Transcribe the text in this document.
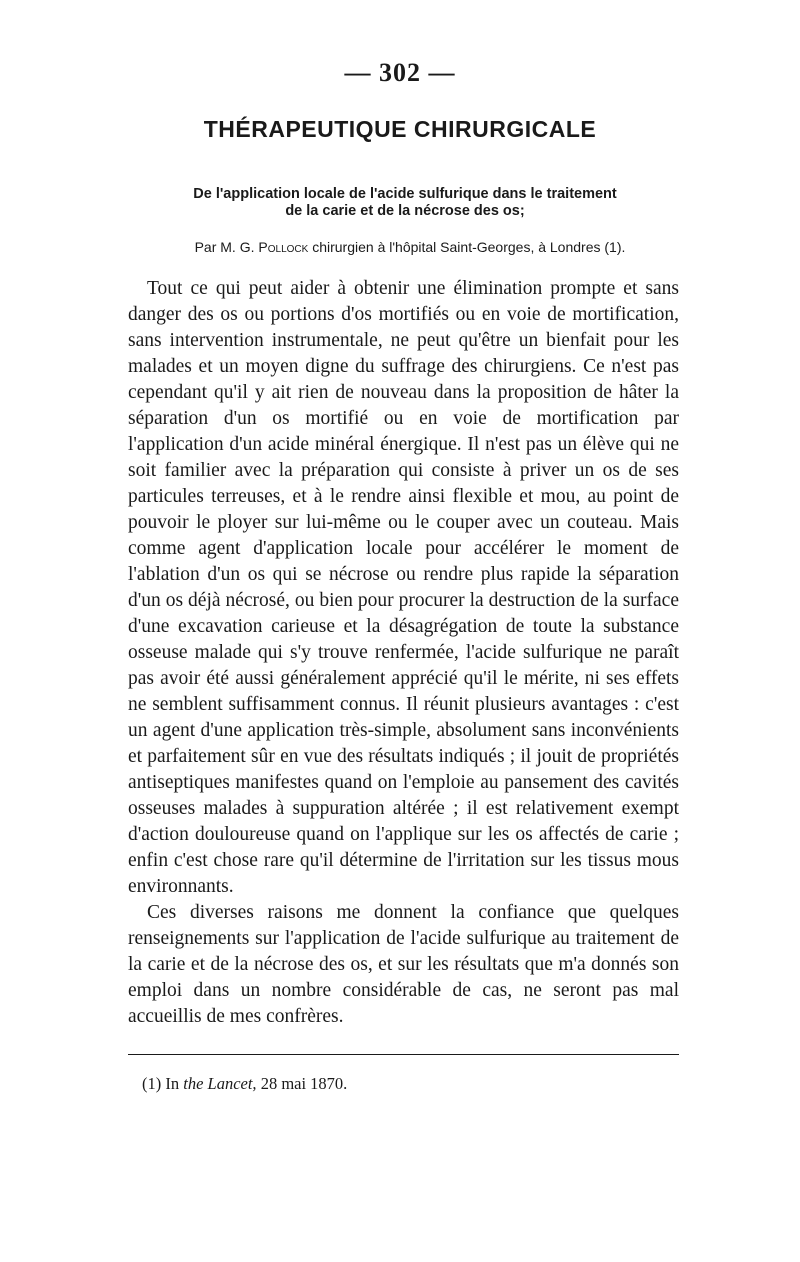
— 302 —
THÉRAPEUTIQUE CHIRURGICALE
De l'application locale de l'acide sulfurique dans le traitement
de la carie et de la nécrose des os;
Par M. G. Pollock chirurgien à l'hôpital Saint-Georges, à Londres (1).

Tout ce qui peut aider à obtenir une élimination prompte et sans danger des os ou portions d'os mortifiés ou en voie de mortification, sans intervention instrumentale, ne peut qu'être un bienfait pour les malades et un moyen digne du suffrage des chirurgiens. Ce n'est pas cependant qu'il y ait rien de nouveau dans la proposition de hâter la séparation d'un os mortifié ou en voie de mortification par l'application d'un acide minéral énergique. Il n'est pas un élève qui ne soit familier avec la préparation qui consiste à priver un os de ses particules terreuses, et à le rendre ainsi flexible et mou, au point de pouvoir le ployer sur lui-même ou le couper avec un couteau. Mais comme agent d'application locale pour accélérer le moment de l'ablation d'un os qui se nécrose ou rendre plus rapide la séparation d'un os déjà nécrosé, ou bien pour procurer la destruction de la surface d'une excavation carieuse et la désagrégation de toute la substance osseuse malade qui s'y trouve renfermée, l'acide sulfurique ne paraît pas avoir été aussi généralement apprécié qu'il le mérite, ni ses effets ne semblent suffisamment connus. Il réunit plusieurs avantages : c'est un agent d'une application très-simple, absolument sans inconvénients et parfaitement sûr en vue des résultats indiqués ; il jouit de propriétés antiseptiques manifestes quand on l'emploie au pansement des cavités osseuses malades à suppuration altérée ; il est relativement exempt d'action douloureuse quand on l'applique sur les os affectés de carie ; enfin c'est chose rare qu'il détermine de l'irritation sur les tissus mous environnants.

Ces diverses raisons me donnent la confiance que quelques renseignements sur l'application de l'acide sulfurique au traitement de la carie et de la nécrose des os, et sur les résultats que m'a donnés son emploi dans un nombre considérable de cas, ne seront pas mal accueillis de mes confrères.

(1) In the Lancet, 28 mai 1870.
